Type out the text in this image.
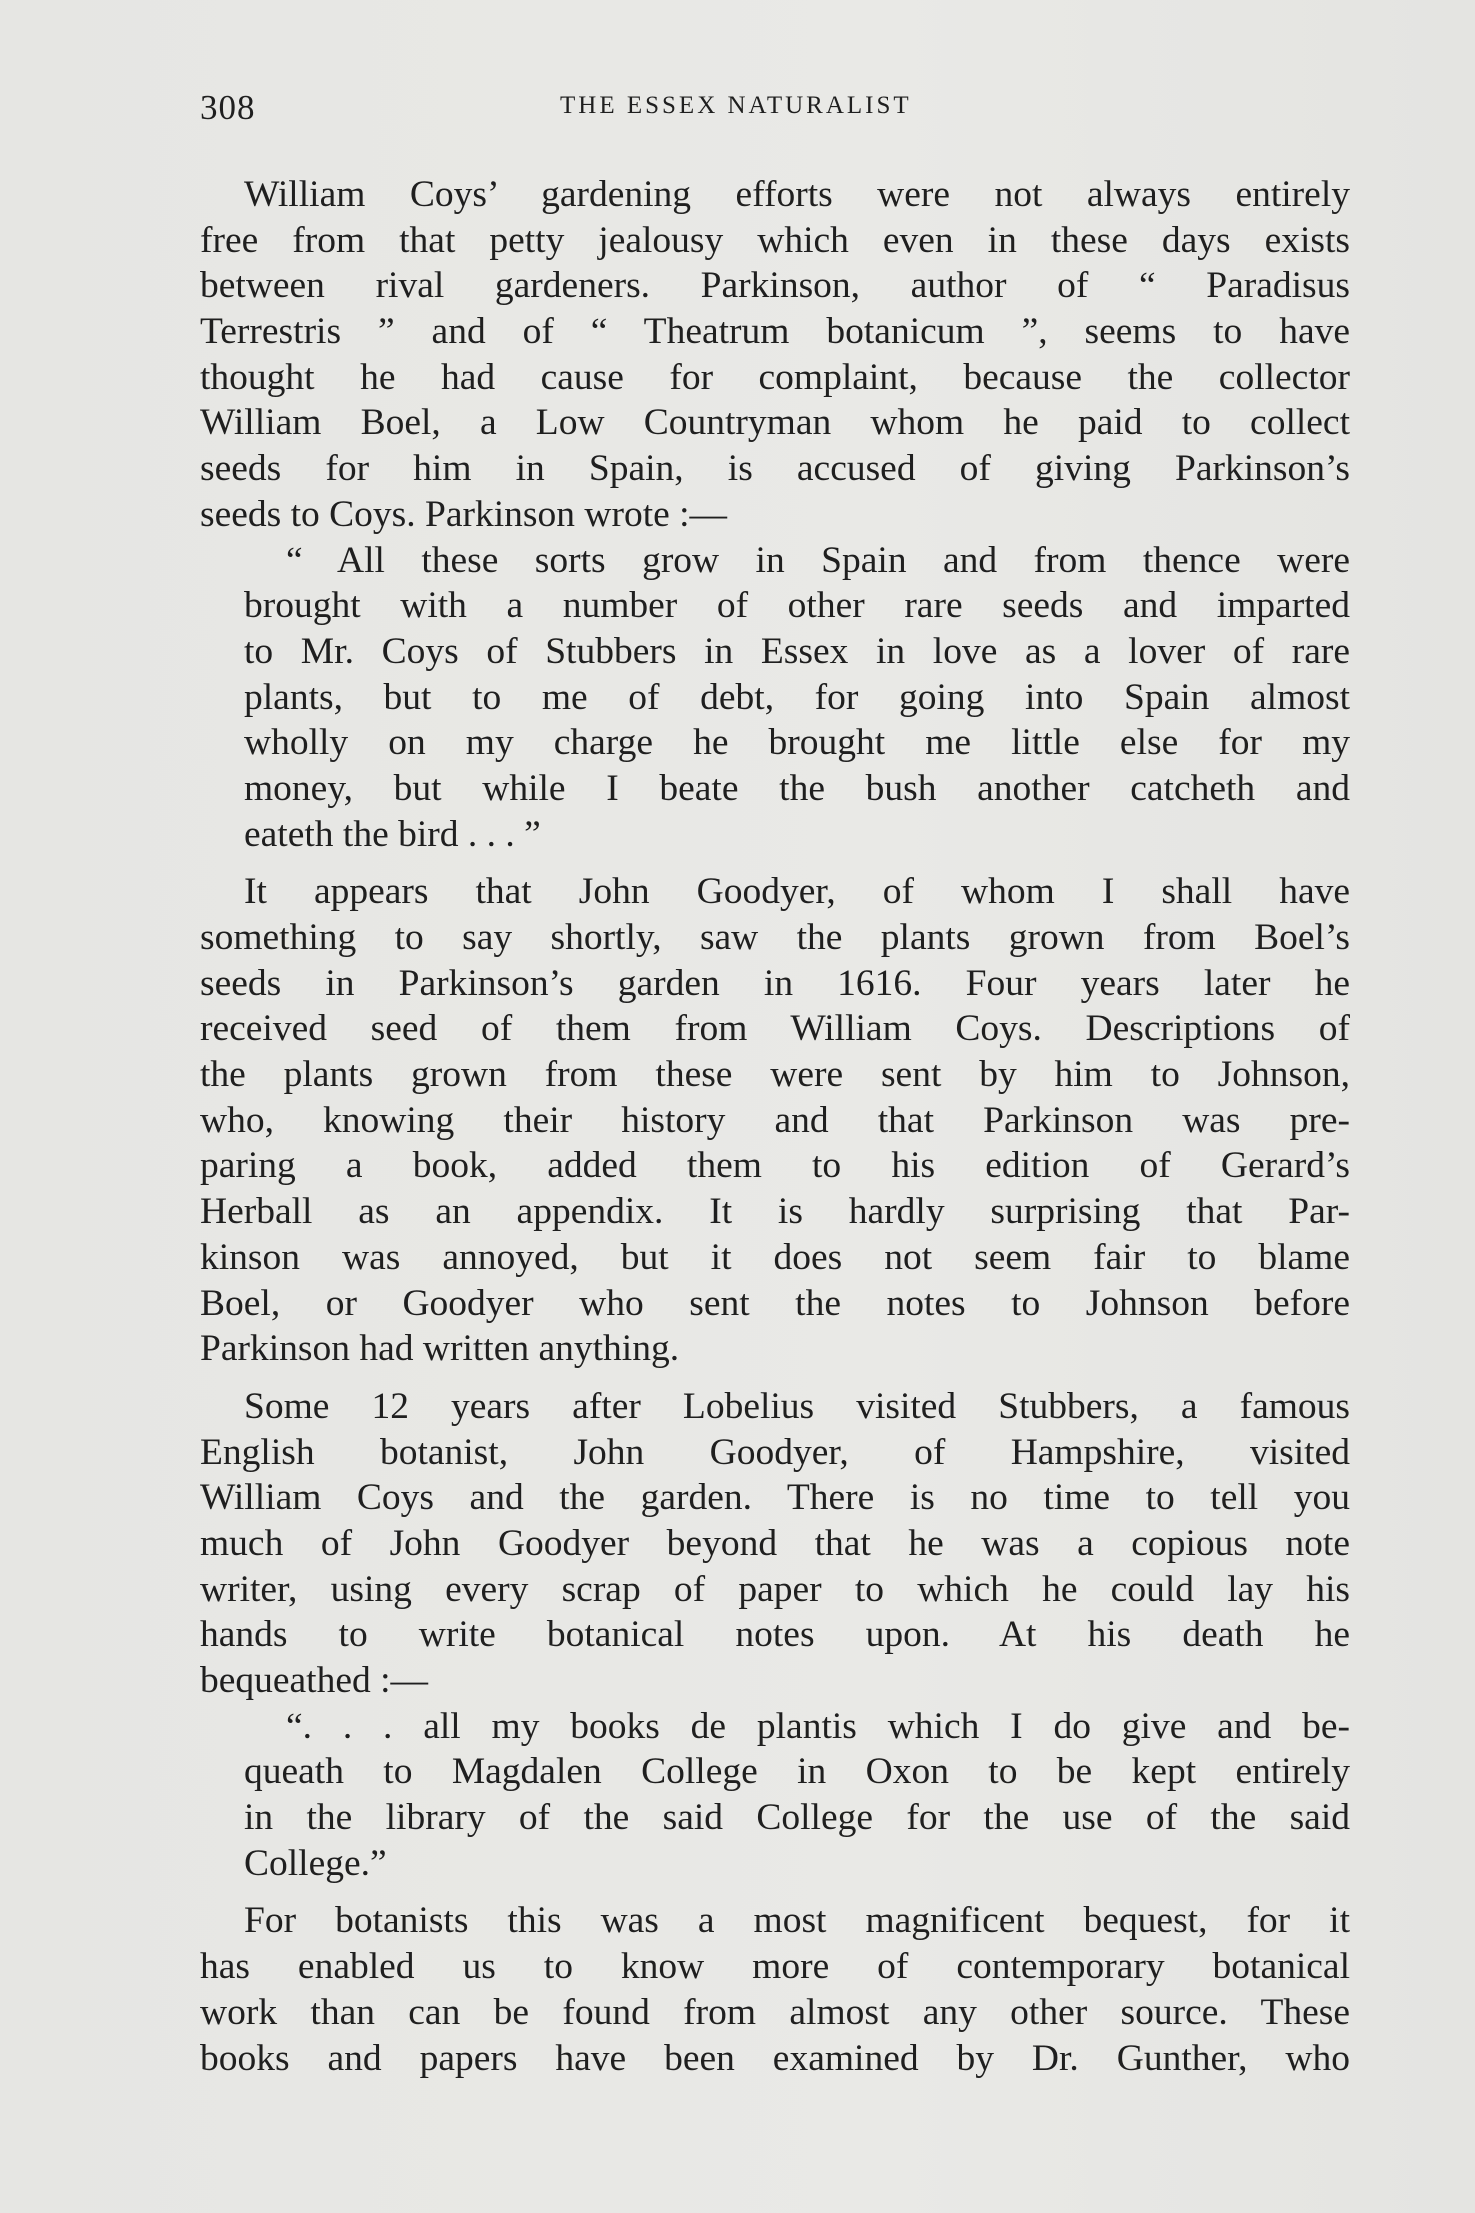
308	THE ESSEX NATURALIST
William Coys’ gardening efforts were not always entirely
free from that petty jealousy which even in these days exists
between rival gardeners. Parkinson, author of “ Paradisus
Terrestris ” and of “ Theatrum botanicum ”, seems to have
thought he had cause for complaint, because the collector
William Boel, a Low Countryman whom he paid to collect
seeds for him in Spain, is accused of giving Parkinson’s
seeds to Coys. Parkinson wrote :—
“ All these sorts grow in Spain and from thence were
brought with a number of other rare seeds and imparted
to Mr. Coys of Stubbers in Essex in love as a lover of rare
plants, but to me of debt, for going into Spain almost
wholly on my charge he brought me little else for my
money, but while I beate the bush another catcheth and
eateth the bird . . . ”
It appears that John Goodyer, of whom I shall have
something to say shortly, saw the plants grown from Boel’s
seeds in Parkinson’s garden in 1616. Four years later he
received seed of them from William Coys. Descriptions of
the plants grown from these were sent by him to Johnson,
who, knowing their history and that Parkinson was pre-
paring a book, added them to his edition of Gerard’s
Herball as an appendix. It is hardly surprising that Par-
kinson was annoyed, but it does not seem fair to blame
Boel, or Goodyer who sent the notes to Johnson before
Parkinson had written anything.
Some 12 years after Lobelius visited Stubbers, a famous
English botanist, John Goodyer, of Hampshire, visited
William Coys and the garden. There is no time to tell you
much of John Goodyer beyond that he was a copious note
writer, using every scrap of paper to which he could lay his
hands to write botanical notes upon. At his death he
bequeathed :—
“. . . all my books de plantis which I do give and be-
queath to Magdalen College in Oxon to be kept entirely
in the library of the said College for the use of the said
College.”
For botanists this was a most magnificent bequest, for it
has enabled us to know more of contemporary botanical
work than can be found from almost any other source. These
books and papers have been examined by Dr. Gunther, who
